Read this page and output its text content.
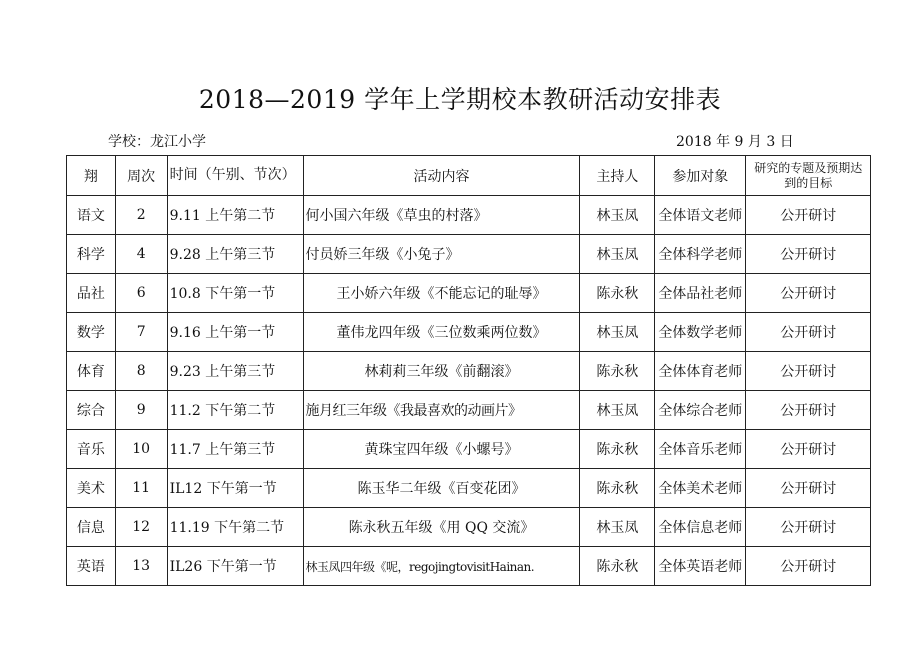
2018—2019 学年上学期校本教研活动安排表
学校：龙江小学	2018 年 9 月 3 日
翔	周次	时间（午别、节次）	活动内容	主持人	参加对象	研究的专题及预期达到的目标
语文	2	9.11 上午第二节	何小国六年级《草虫的村落》	林玉凤	全体语文老师	公开研讨
科学	4	9.28 上午第三节	付员娇三年级《小兔子》	林玉凤	全体科学老师	公开研讨
品社	6	10.8 下午第一节	王小娇六年级《不能忘记的耻辱》	陈永秋	全体品社老师	公开研讨
数学	7	9.16 上午第一节	董伟龙四年级《三位数乘两位数》	林玉凤	全体数学老师	公开研讨
体育	8	9.23 上午第三节	林莉莉三年级《前翻滚》	陈永秋	全体体育老师	公开研讨
综合	9	11.2 下午第二节	施月红三年级《我最喜欢的动画片》	林玉凤	全体综合老师	公开研讨
音乐	10	11.7 上午第三节	黄珠宝四年级《小螺号》	陈永秋	全体音乐老师	公开研讨
美术	11	IL12 下午第一节	陈玉华二年级《百变花团》	陈永秋	全体美术老师	公开研讨
信息	12	11.19 下午第二节	陈永秋五年级《用 QQ 交流》	林玉凤	全体信息老师	公开研讨
英语	13	IL26 下午第一节	林玉凤四年级《呢，regojingtovisitHainan.	陈永秋	全体英语老师	公开研讨
